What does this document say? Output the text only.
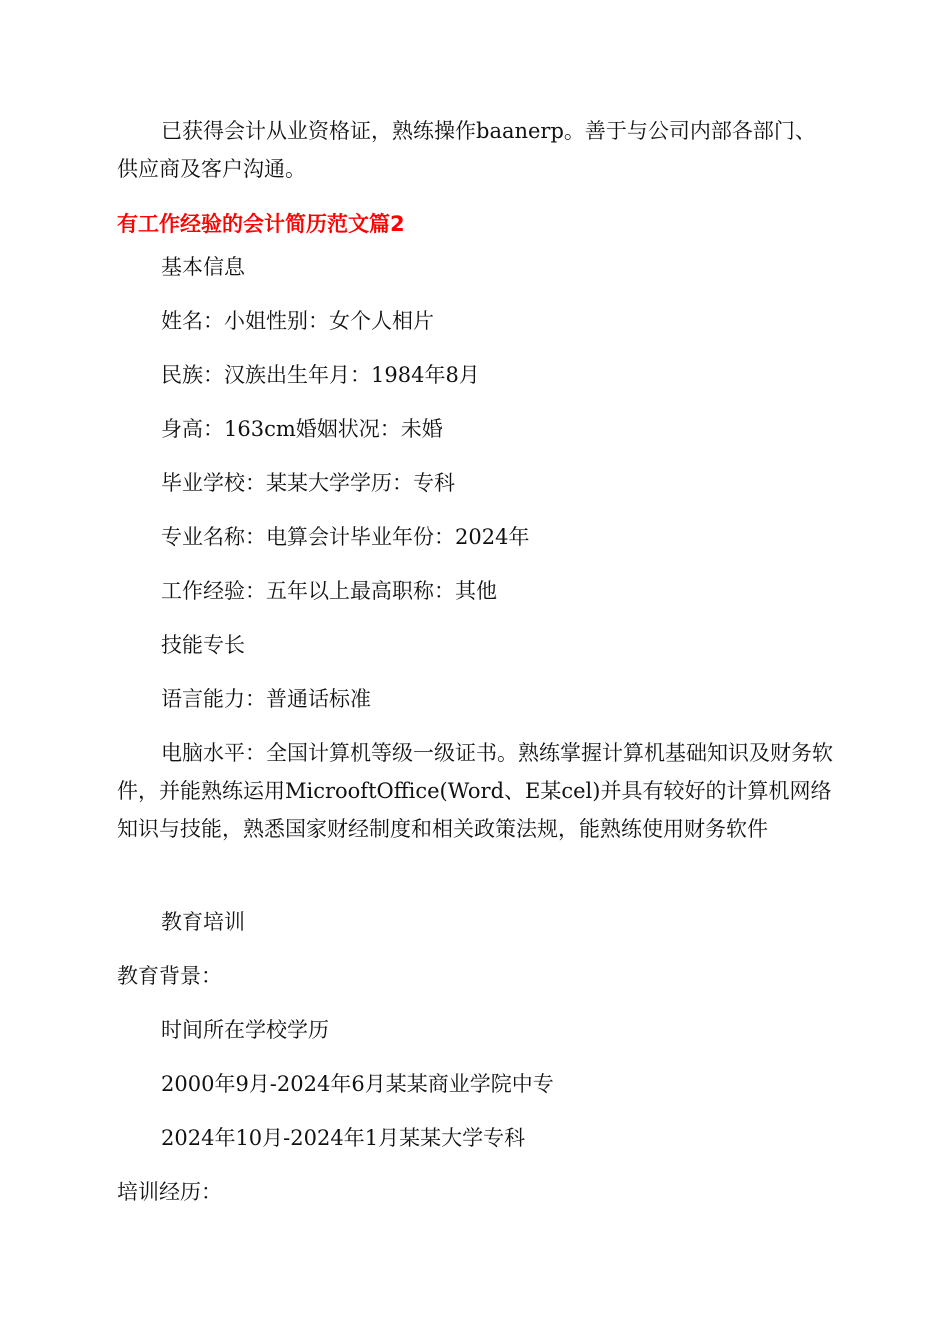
已获得会计从业资格证，熟练操作baanerp。善于与公司内部各部门、供应商及客户沟通。

有工作经验的会计简历范文篇2

基本信息

姓名：小姐性别：女个人相片

民族：汉族出生年月：1984年8月

身高：163cm婚姻状况：未婚

毕业学校：某某大学学历：专科

专业名称：电算会计毕业年份：2024年

工作经验：五年以上最高职称：其他

技能专长

语言能力：普通话标准

电脑水平：全国计算机等级一级证书。熟练掌握计算机基础知识及财务软件，并能熟练运用MicrooftOffice(Word、E某cel)并具有较好的计算机网络知识与技能，熟悉国家财经制度和相关政策法规，能熟练使用财务软件

教育培训

教育背景：

时间所在学校学历

2000年9月-2024年6月某某商业学院中专

2024年10月-2024年1月某某大学专科

培训经历：
